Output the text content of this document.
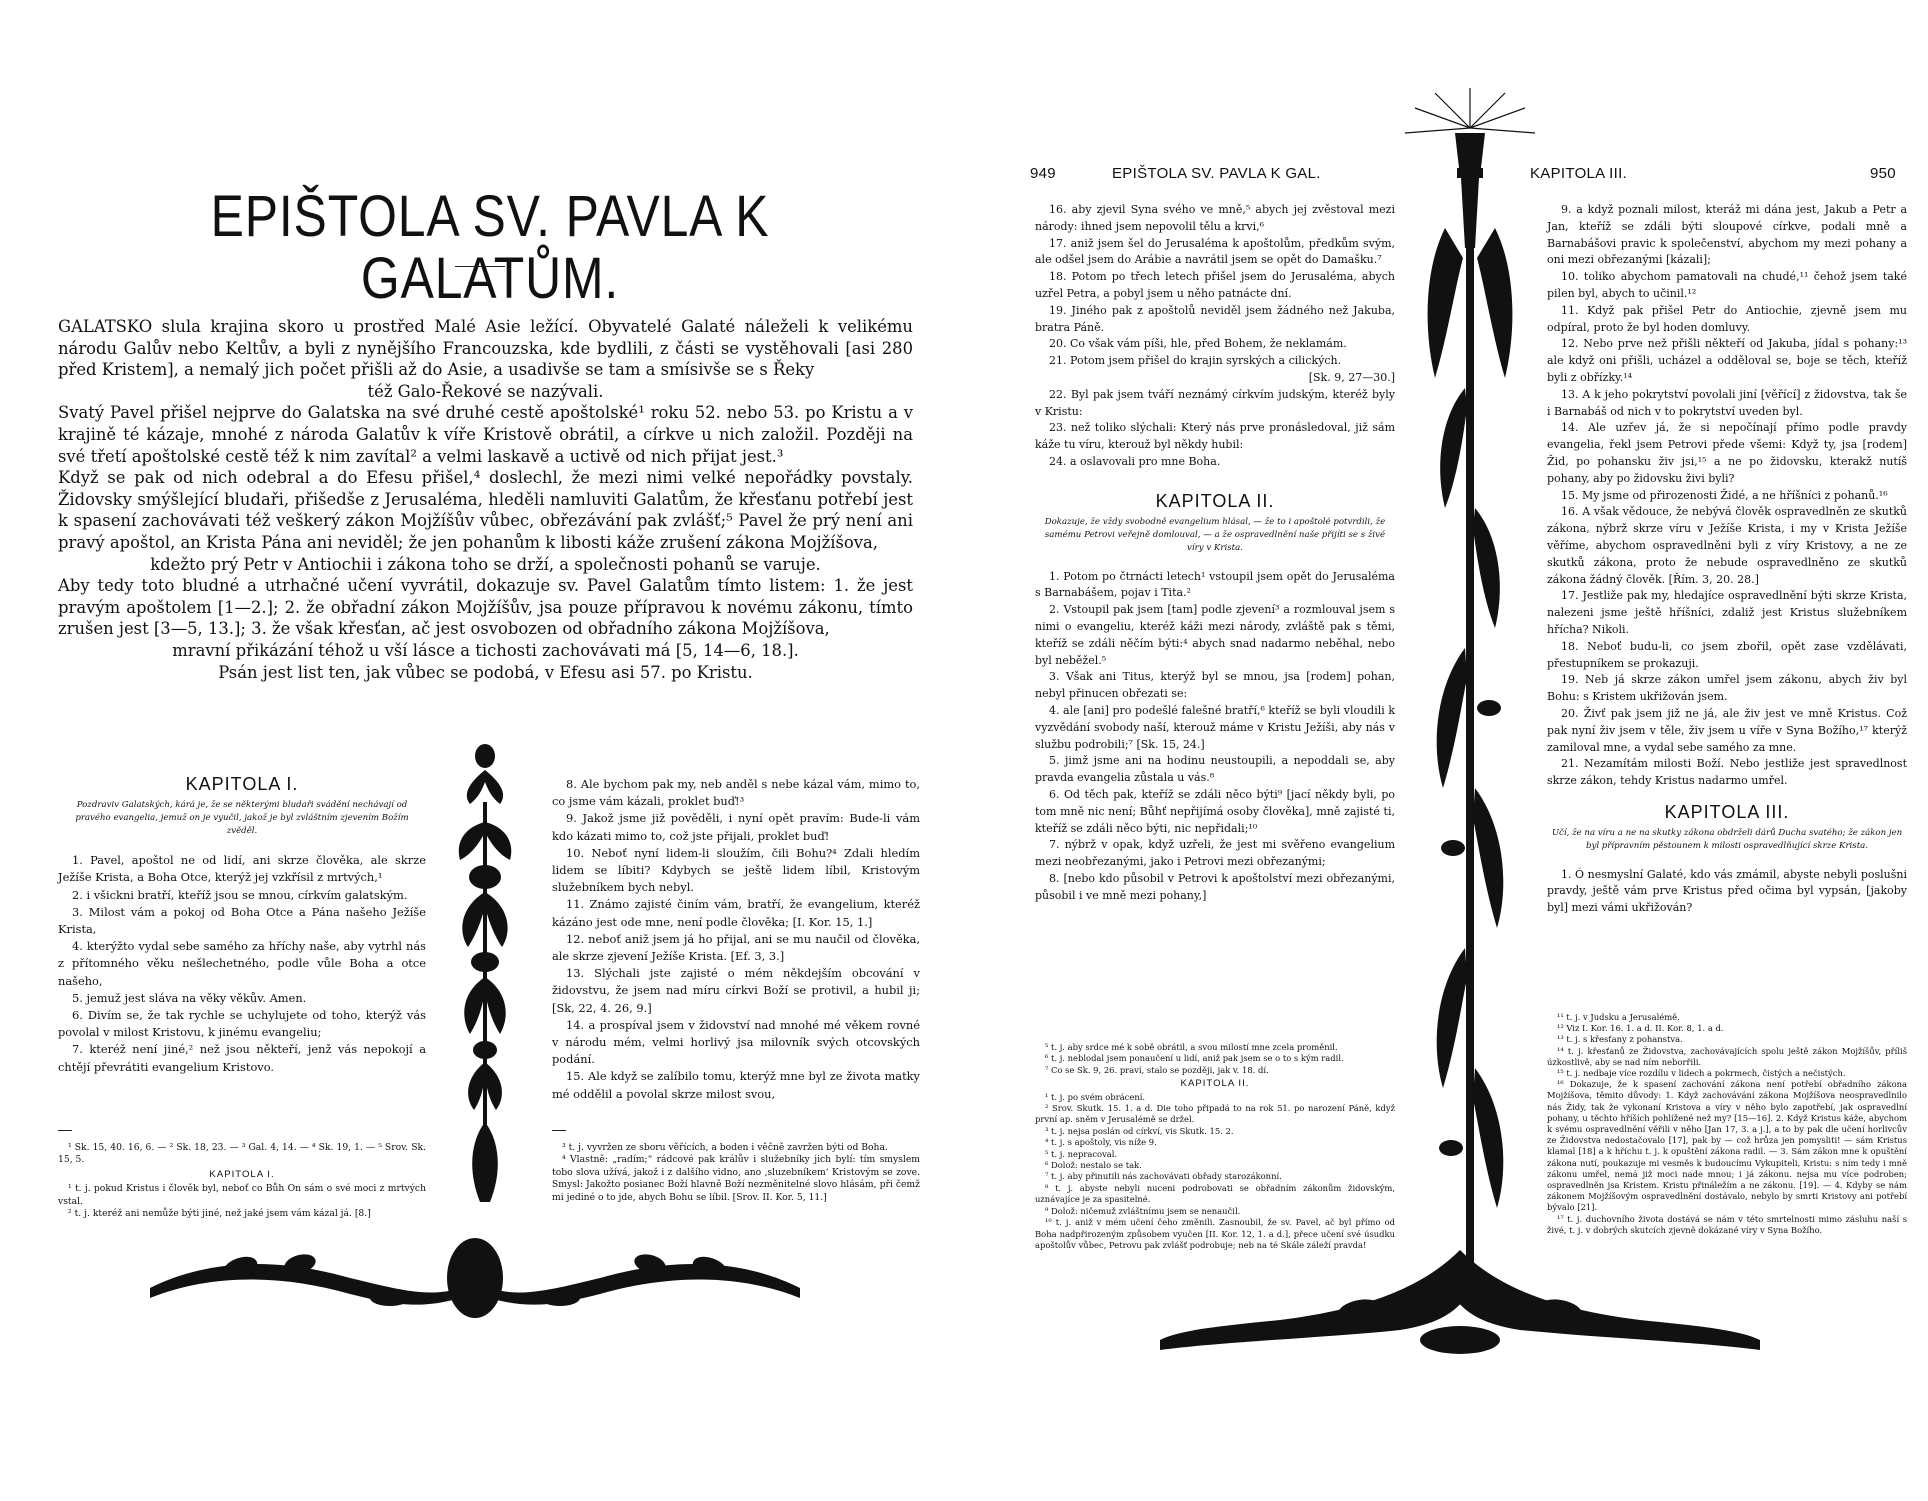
EPIŠTOLA SV. PAVLA K GALATŮM.

GALATSKO slula krajina skoro u prostřed Malé Asie ležící. Obyvatelé Galaté náleželi k velikému národu Galův nebo Keltův, a byli z nynějšího Francouzska, kde bydlili, z části se vystěhovali [asi 280 před Kristem], a nemalý jich počet přišli až do Asie, a usadivše se tam a smísivše se s Řeky

též Galo-Řekové se nazývali.

Svatý Pavel přišel nejprve do Galatska na své druhé cestě apoštolské¹ roku 52. nebo 53. po Kristu a v krajině té kázaje, mnohé z národa Galatův k víře Kristově obrátil, a církve u nich založil. Později na své třetí apoštolské cestě též k nim zavítal² a velmi laskavě a uctivě od nich přijat jest.³

Když se pak od nich odebral a do Efesu přišel,⁴ doslechl, že mezi nimi velké nepořádky povstaly. Židovsky smýšlející bludaři, přišedše z Jerusaléma, hleděli namluviti Galatům, že křesťanu potřebí jest k spasení zachovávati též veškerý zákon Mojžíšův vůbec, obřezávání pak zvlášť;⁵ Pavel že prý není ani pravý apoštol, an Krista Pána ani neviděl; že jen pohanům k libosti káže zrušení zákona Mojžíšova,

kdežto prý Petr v Antiochii i zákona toho se drží, a společnosti pohanů se varuje.

Aby tedy toto bludné a utrhačné učení vyvrátil, dokazuje sv. Pavel Galatům tímto listem: 1. že jest pravým apoštolem [1—2.]; 2. že obřadní zákon Mojžíšův, jsa pouze přípravou k novému zákonu, tímto zrušen jest [3—5, 13.]; 3. že však křesťan, ač jest osvobozen od obřadního zákona Mojžíšova,

mravní přikázání téhož u vší lásce a tichosti zachovávati má [5, 14—6, 18.].

Psán jest list ten, jak vůbec se podobá, v Efesu asi 57. po Kristu.

KAPITOLA I.
Pozdraviv Galatských, kárá je, že se některými bludaři svádění nechávají od pravého evangelia, jemuž on je vyučil, jakož je byl zvláštním zjevením Božím zvěděl.

1. Pavel, apoštol ne od lidí, ani skrze člověka, ale skrze Ježíše Krista, a Boha Otce, kterýž jej vzkřísil z mrtvých,¹

2. i všickni bratří, kteříž jsou se mnou, církvím galatským.

3. Milost vám a pokoj od Boha Otce a Pána našeho Ježíše Krista,

4. kterýžto vydal sebe samého za hříchy naše, aby vytrhl nás z přítomného věku nešlechetného, podle vůle Boha a otce našeho,

5. jemuž jest sláva na věky věkův. Amen.

6. Divím se, že tak rychle se uchylujete od toho, kterýž vás povolal v milost Kristovu, k jinému evangeliu;

7. kteréž není jiné,² než jsou někteří, jenž vás nepokojí a chtějí převrátiti evangelium Kristovo.

¹ Sk. 15, 40. 16, 6. — ² Sk. 18, 23. — ³ Gal. 4, 14. — ⁴ Sk. 19, 1. — ⁵ Srov. Sk. 15, 5.

KAPITOLA I.

¹ t. j. pokud Kristus i člověk byl, neboť co Bůh On sám o své moci z mrtvých vstal.

² t. j. kteréž ani nemůže býti jiné, než jaké jsem vám kázal já. [8.]

8. Ale bychom pak my, neb anděl s nebe kázal vám, mimo to, co jsme vám kázali, proklet buď!³

9. Jakož jsme již pověděli, i nyní opět pravím: Bude-li vám kdo kázati mimo to, což jste přijali, proklet buď!

10. Neboť nyní lidem-li sloužím, čili Bohu?⁴ Zdali hledím lidem se líbiti? Kdybych se ještě lidem líbil, Kristovým služebníkem bych nebyl.

11. Známo zajisté činím vám, bratří, že evangelium, kteréž kázáno jest ode mne, není podle člověka; [I. Kor. 15, 1.]

12. neboť aniž jsem já ho přijal, ani se mu naučil od člověka, ale skrze zjevení Ježíše Krista. [Ef. 3, 3.]

13. Slýchali jste zajisté o mém někdejším obcování v židovstvu, že jsem nad míru církvi Boží se protivil, a hubil ji; [Sk, 22, 4. 26, 9.]

14. a prospíval jsem v židovství nad mnohé mé věkem rovné v národu mém, velmi horlivý jsa milovník svých otcovských podání.

15. Ale když se zalíbilo tomu, kterýž mne byl ze života matky mé oddělil a povolal skrze milost svou,

³ t. j. vyvržen ze sboru věřících, a boden i věčně zavržen býti od Boha.

⁴ Vlastně: „radím;“ rádcové pak králův i služebníky jich bylí: tím smyslem tobo slova užívá, jakož i z dalšího vidno, ano ‚sluzebníkem‘ Kristovým se zove. Smysl: Jakožto posianec Boží hlavně Boží nezměnitelné slovo hlásám, při čemž mi jediné o to jde, abych Bohu se líbil. [Srov. II. Kor. 5, 11.]

949	EPIŠTOLA SV. PAVLA K GAL.	KAPITOLA III.	950

16. aby zjevil Syna svého ve mně,⁵ abych jej zvěstoval mezi národy: ihned jsem nepovolil tělu a krvi,⁶

17. aniž jsem šel do Jerusaléma k apoštolům, předkům svým, ale odšel jsem do Arábie a navrátil jsem se opět do Damašku.⁷

18. Potom po třech letech přišel jsem do Jerusaléma, abych uzřel Petra, a pobyl jsem u něho patnácte dní.

19. Jiného pak z apoštolů neviděl jsem žádného než Jakuba, bratra Páně.

20. Co však vám píši, hle, před Bohem, že neklamám.

21. Potom jsem přišel do krajin syrských a cilických.

[Sk. 9, 27—30.]

22. Byl pak jsem tváří neznámý církvím judským, kteréž byly v Kristu:

23. než toliko slýchali: Který nás prve pronásledoval, již sám káže tu víru, kterouž byl někdy hubil:

24. a oslavovali pro mne Boha.

KAPITOLA II.
Dokazuje, že vždy svobodně evangelium hlásal, — že to i apoštolé potvrdili, že samému Petrovi veřejně domlouval, — a že ospravedlnění naše přijíti se s živé víry v Krista.

1. Potom po čtrnácti letech¹ vstoupil jsem opět do Jerusaléma s Barnabášem, pojav i Tita.²

2. Vstoupil pak jsem [tam] podle zjevení³ a rozmlouval jsem s nimi o evangeliu, kteréž káži mezi národy, zvláště pak s těmi, kteříž se zdáli něčím býti:⁴ abych snad nadarmo neběhal, nebo byl neběžel.⁵

3. Však ani Titus, kterýž byl se mnou, jsa [rodem] pohan, nebyl přinucen obřezati se:

4. ale [ani] pro podešlé falešné bratří,⁶ kteříž se byli vloudili k vyzvědání svobody naší, kterouž máme v Kristu Ježíši, aby nás v službu podrobili;⁷ [Sk. 15, 24.]

5. jimž jsme ani na hodinu neustoupili, a nepoddali se, aby pravda evangelia zůstala u vás.⁸

6. Od těch pak, kteříž se zdáli něco býti⁹ [jací někdy byli, po tom mně nic není; Bůhť nepřijímá osoby člověka], mně zajisté ti, kteříž se zdáli něco býti, nic nepřidali;¹⁰

7. nýbrž v opak, když uzřeli, že jest mi svěřeno evangelium mezi neobřezanými, jako i Petrovi mezi obřezanými;

8. [nebo kdo působil v Petrovi k apoštolství mezi obřezanými, působil i ve mně mezi pohany,]

⁵ t. j. aby srdce mé k sobě obrátil, a svou milostí mne zcela proměnil.

⁶ t. j. neblodal jsem ponaučení u lidí, aniž pak jsem se o to s kým radil.

⁷ Co se Sk. 9, 26. praví, stalo se později, jak v. 18. dí.

KAPITOLA II.

¹ t. j. po svém obrácení.

² Srov. Skutk. 15. 1. a d. Die toho připadá to na rok 51. po narození Páně, když první ap. sněm v Jerusalémě se držel.

³ t. j. nejsa poslán od církví, vis Skutk. 15. 2.

⁴ t. j. s apoštoly, vis níže 9.

⁵ t. j. nepracoval.

⁶ Dolož: nestalo se tak.

⁷ t. j. aby přinutili nás zachovávati obřady starozákonní.

⁸ t. j. abyste nebyli nuceni podrobovati se obřadním zákonům židovským, uznávajíce je za spasitelné.

⁹ Dolož: ničemuž zvláštnímu jsem se nenaučil.

¹⁰ t. j. aniž v mém učení čeho změnili. Zasnoubil, že sv. Pavel, ač byl přímo od Boha nadpřirozeným způsobem vyučen [II. Kor. 12, 1. a d.], přece učení své úsudku apoštolův vůbec, Petrovu pak zvlášť podrobuje; neb na té Skále záleží pravda!

9. a když poznali milost, kteráž mi dána jest, Jakub a Petr a Jan, kteříž se zdáli býti sloupové církve, podali mně a Barnabášovi pravic k společenství, abychom my mezi pohany a oni mezi obřezanými [kázali];

10. toliko abychom pamatovali na chudé,¹¹ čehož jsem také pilen byl, abych to učinil.¹²

11. Když pak přišel Petr do Antiochie, zjevně jsem mu odpíral, proto že byl hoden domluvy.

12. Nebo prve než přišli někteří od Jakuba, jídal s pohany:¹³ ale když oni přišli, ucházel a odděloval se, boje se těch, kteříž byli z obřízky.¹⁴

13. A k jeho pokrytství povolali jiní [věřící] z židovstva, tak še i Barnabáš od nich v to pokrytství uveden byl.

14. Ale uzřev já, že si nepočínají přímo podle pravdy evangelia, řekl jsem Petrovi přede všemi: Když ty, jsa [rodem] Žid, po pohansku živ jsi,¹⁵ a ne po židovsku, kterakž nutíš pohany, aby po židovsku živi byli?

15. My jsme od přirozenosti Židé, a ne hříšníci z pohanů.¹⁶

16. A však vědouce, že nebývá člověk ospravedlněn ze skutků zákona, nýbrž skrze víru v Ježíše Krista, i my v Krista Ježíše věříme, abychom ospravedlněni byli z víry Kristovy, a ne ze skutků zákona, proto že nebude ospravedlněno ze skutků zákona žádný člověk. [Řím. 3, 20. 28.]

17. Jestliže pak my, hledajíce ospravedlnění býti skrze Krista, nalezeni jsme ještě hříšníci, zdaliž jest Kristus služebníkem hřícha? Nikoli.

18. Neboť budu-li, co jsem zbořil, opět zase vzdělávati, přestupníkem se prokazuji.

19. Neb já skrze zákon umřel jsem zákonu, abych živ byl Bohu: s Kristem ukřižován jsem.

20. Živť pak jsem již ne já, ale živ jest ve mně Kristus. Což pak nyní živ jsem v těle, živ jsem u víře v Syna Božího,¹⁷ kterýž zamiloval mne, a vydal sebe samého za mne.

21. Nezamítám milosti Boží. Nebo jestliže jest spravedlnost skrze zákon, tehdy Kristus nadarmo umřel.

KAPITOLA III.
Učí, že na víru a ne na skutky zákona obdrželi dárů Ducha svatého; že zákon jen byl přípravním pěstounem k milosti ospravedlňující skrze Krista.

1. Ó nesmyslní Galaté, kdo vás zmámil, abyste nebyli poslušni pravdy, ještě vám prve Kristus před očima byl vypsán, [jakoby byl] mezi vámi ukřižován?

¹¹ t. j. v Judsku a Jerusalémě.

¹² Viz I. Kor. 16. 1. a d. II. Kor. 8, 1. a d.

¹³ t. j. s křesťany z pohanstva.

¹⁴ t. j. křesťanů ze Židovstva, zachovávajících spolu ještě zákon Mojžíšův, příliš úzkostlivě, aby se nad ním neborřili.

¹⁵ t. j. nedbaje více rozdílu v lidech a pokrmech, čistých a nečistých.

¹⁶ Dokazuje, že k spasení zachování zákona není potřebí obřadního zákona Mojžíšova, těmito důvody: 1. Když zachovávání zákona Mojžíšova neospravedlnilo nás Židy, tak že vykonaní Kristova a víry v něho bylo zapotřebí, jak ospravedlní pohany, u těchto hříších pohlížené než my? [15—16]. 2. Když Kristus káže, abychom k svému ospravedlnění věřili v něho [Jan 17, 3. a j.], a to by pak dle učení horlivcův ze Židovstva nedostačovalo [17], pak by — což hrůza jen pomysliti! — sám Kristus klamal [18] a k hříchu t. j. k opuštění zákona radil. — 3. Sám zákon mne k opuštění zákona nutí, poukazuje mi vesměs k budoucímu Vykupiteli, Kristu: s ním tedy i mně zákonu umřel, nemá již moci nade mnou; i já zákonu. nejsa mu více podroben; ospravedlněn jsa Kristem. Kristu přináležím a ne zákonu. [19]. — 4. Kdyby se nám zákonem Mojžíšovým ospravedlnění dostávalo, nebylo by smrti Kristovy ani potřebí bývalo [21].

¹⁷ t. j. duchovního života dostává se nám v této smrtelnosti mimo zásluhu naší s živé, t. j. v dobrých skutcích zjevně dokázané víry v Syna Božího.
